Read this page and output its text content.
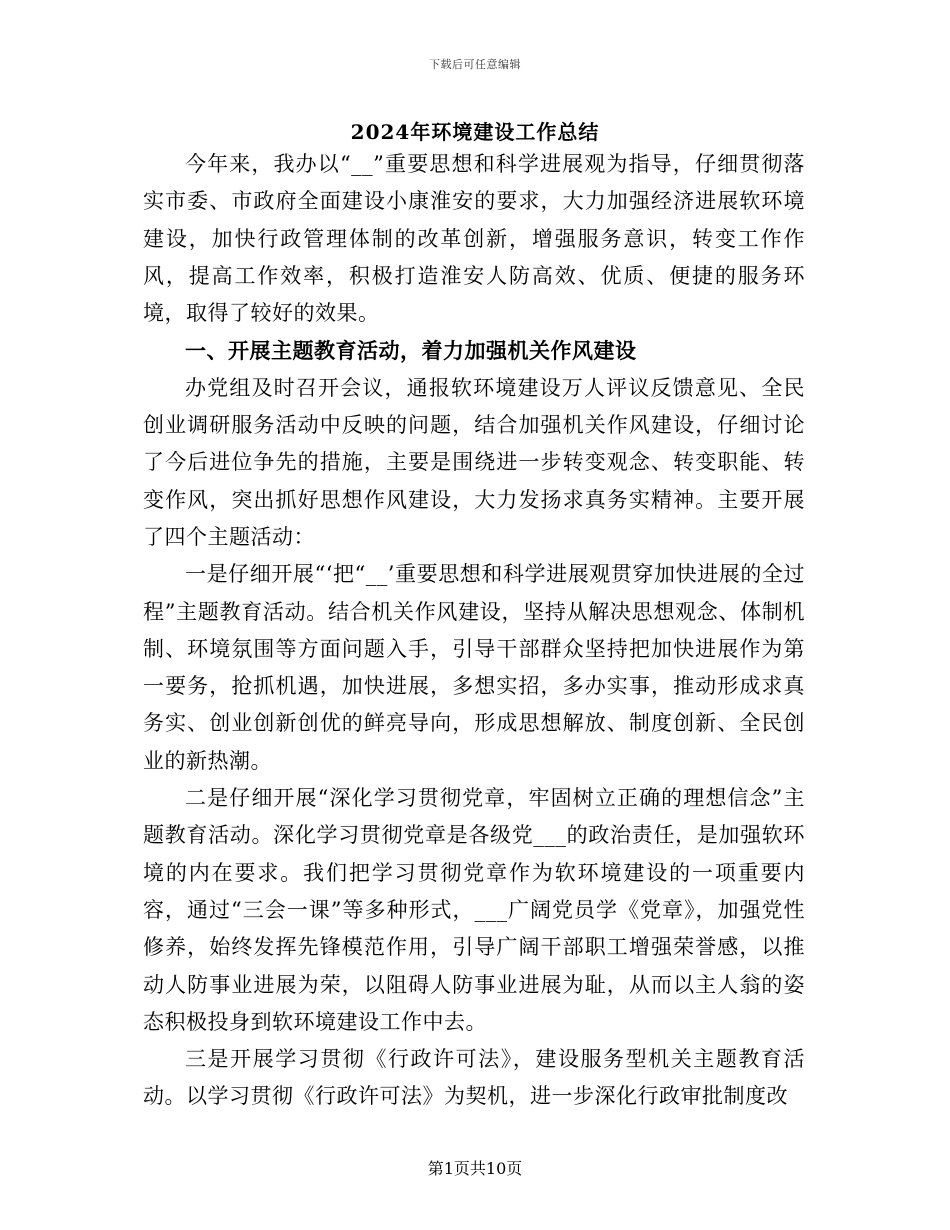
下载后可任意编辑
2024年环境建设工作总结

今年来，我办以“__”重要思想和科学进展观为指导，仔细贯彻落实市委、市政府全面建设小康淮安的要求，大力加强经济进展软环境建设，加快行政管理体制的改革创新，增强服务意识，转变工作作风，提高工作效率，积极打造淮安人防高效、优质、便捷的服务环境，取得了较好的效果。

一、开展主题教育活动，着力加强机关作风建设

办党组及时召开会议，通报软环境建设万人评议反馈意见、全民创业调研服务活动中反映的问题，结合加强机关作风建设，仔细讨论了今后进位争先的措施，主要是围绕进一步转变观念、转变职能、转变作风，突出抓好思想作风建设，大力发扬求真务实精神。主要开展了四个主题活动：

一是仔细开展“‘把“__’重要思想和科学进展观贯穿加快进展的全过程”主题教育活动。结合机关作风建设，坚持从解决思想观念、体制机制、环境氛围等方面问题入手，引导干部群众坚持把加快进展作为第一要务，抢抓机遇，加快进展，多想实招，多办实事，推动形成求真务实、创业创新创优的鲜亮导向，形成思想解放、制度创新、全民创业的新热潮。

二是仔细开展“深化学习贯彻党章，牢固树立正确的理想信念”主题教育活动。深化学习贯彻党章是各级党___的政治责任，是加强软环境的内在要求。我们把学习贯彻党章作为软环境建设的一项重要内容，通过“三会一课”等多种形式，___广阔党员学《党章》，加强党性修养，始终发挥先锋模范作用，引导广阔干部职工增强荣誉感，以推动人防事业进展为荣，以阻碍人防事业进展为耻，从而以主人翁的姿态积极投身到软环境建设工作中去。

三是开展学习贯彻《行政许可法》，建设服务型机关主题教育活动。以学习贯彻《行政许可法》为契机，进一步深化行政审批制度改

第1页共10页
